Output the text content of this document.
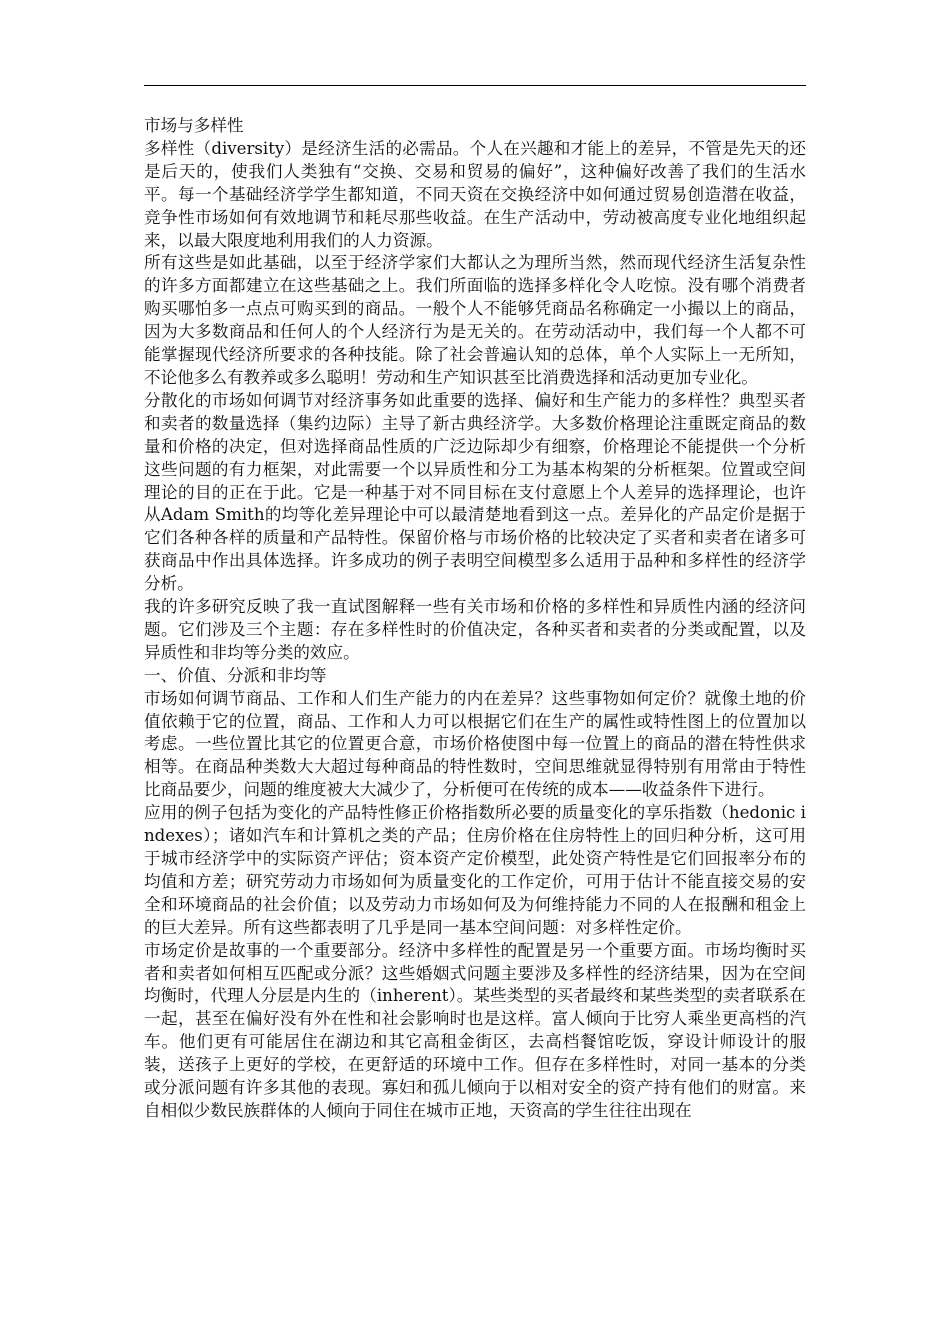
市场与多样性

多样性（diversity）是经济生活的必需品。个人在兴趣和才能上的差异，不管是先天的还是后天的，使我们人类独有“交换、交易和贸易的偏好”，这种偏好改善了我们的生活水平。每一个基础经济学学生都知道，不同天资在交换经济中如何通过贸易创造潜在收益，竞争性市场如何有效地调节和耗尽那些收益。在生产活动中，劳动被高度专业化地组织起来，以最大限度地利用我们的人力资源。

所有这些是如此基础，以至于经济学家们大都认之为理所当然，然而现代经济生活复杂性的许多方面都建立在这些基础之上。我们所面临的选择多样化令人吃惊。没有哪个消费者购买哪怕多一点点可购买到的商品。一般个人不能够凭商品名称确定一小撮以上的商品，因为大多数商品和任何人的个人经济行为是无关的。在劳动活动中，我们每一个人都不可能掌握现代经济所要求的各种技能。除了社会普遍认知的总体，单个人实际上一无所知，不论他多么有教养或多么聪明！劳动和生产知识甚至比消费选择和活动更加专业化。

分散化的市场如何调节对经济事务如此重要的选择、偏好和生产能力的多样性？典型买者和卖者的数量选择（集约边际）主导了新古典经济学。大多数价格理论注重既定商品的数量和价格的决定，但对选择商品性质的广泛边际却少有细察，价格理论不能提供一个分析这些问题的有力框架，对此需要一个以异质性和分工为基本构架的分析框架。位置或空间理论的目的正在于此。它是一种基于对不同目标在支付意愿上个人差异的选择理论，也许从Adam Smith的均等化差异理论中可以最清楚地看到这一点。差异化的产品定价是据于它们各种各样的质量和产品特性。保留价格与市场价格的比较决定了买者和卖者在诸多可获商品中作出具体选择。许多成功的例子表明空间模型多么适用于品种和多样性的经济学分析。

我的许多研究反映了我一直试图解释一些有关市场和价格的多样性和异质性内涵的经济问题。它们涉及三个主题：存在多样性时的价值决定，各种买者和卖者的分类或配置，以及异质性和非均等分类的效应。

一、价值、分派和非均等

市场如何调节商品、工作和人们生产能力的内在差异？这些事物如何定价？就像土地的价值依赖于它的位置，商品、工作和人力可以根据它们在生产的属性或特性图上的位置加以考虑。一些位置比其它的位置更合意，市场价格使图中每一位置上的商品的潜在特性供求相等。在商品种类数大大超过每种商品的特性数时，空间思维就显得特别有用常由于特性比商品要少，问题的维度被大大减少了，分析便可在传统的成本——收益条件下进行。

应用的例子包括为变化的产品特性修正价格指数所必要的质量变化的享乐指数（hedonic indexes）；诸如汽车和计算机之类的产品；住房价格在住房特性上的回归种分析，这可用于城市经济学中的实际资产评估；资本资产定价模型，此处资产特性是它们回报率分布的均值和方差；研究劳动力市场如何为质量变化的工作定价，可用于估计不能直接交易的安全和环境商品的社会价值；以及劳动力市场如何及为何维持能力不同的人在报酬和租金上的巨大差异。所有这些都表明了几乎是同一基本空间问题：对多样性定价。

市场定价是故事的一个重要部分。经济中多样性的配置是另一个重要方面。市场均衡时买者和卖者如何相互匹配或分派？这些婚姻式问题主要涉及多样性的经济结果，因为在空间均衡时，代理人分层是内生的（inherent）。某些类型的买者最终和某些类型的卖者联系在一起，甚至在偏好没有外在性和社会影响时也是这样。富人倾向于比穷人乘坐更高档的汽车。他们更有可能居住在湖边和其它高租金街区，去高档餐馆吃饭，穿设计师设计的服装，送孩子上更好的学校，在更舒适的环境中工作。但存在多样性时，对同一基本的分类或分派问题有许多其他的表现。寡妇和孤儿倾向于以相对安全的资产持有他们的财富。来自相似少数民族群体的人倾向于同住在城市正地，天资高的学生往往出现在
